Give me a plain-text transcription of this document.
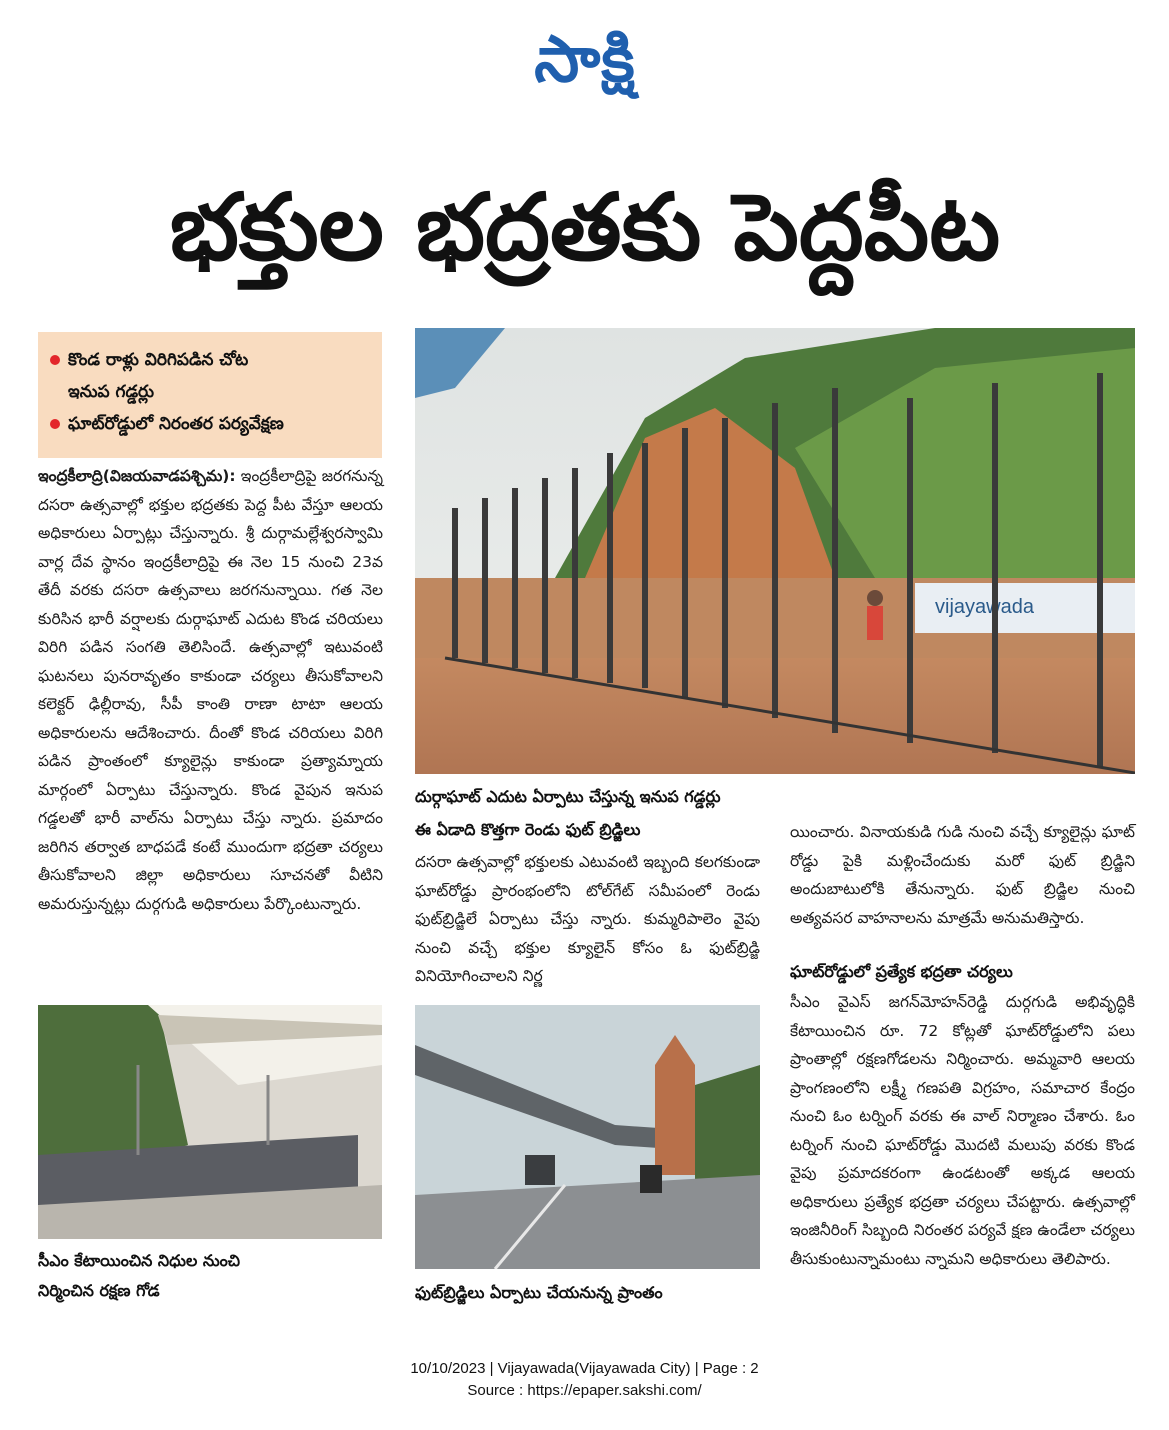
సాక్షి
భక్తుల భద్రతకు పెద్దపీట
కొండ రాళ్లు విరిగిపడిన చోట
ఇనుప గడ్డర్లు
ఘాట్‌రోడ్డులో నిరంతర పర్యవేక్షణ

ఇంద్రకీలాద్రి(విజయవాడపశ్చిమ): ఇంద్రకీలాద్రిపై జరగనున్న దసరా ఉత్సవాల్లో భక్తుల భద్రతకు పెద్ద పీట వేస్తూ ఆలయ అధికారులు ఏర్పాట్లు చేస్తున్నారు. శ్రీ దుర్గామల్లేశ్వరస్వామి వార్ల దేవ స్థానం ఇంద్రకీలాద్రిపై ఈ నెల 15 నుంచి 23వ తేదీ వరకు దసరా ఉత్సవాలు జరగనున్నాయి. గత నెల కురిసిన భారీ వర్షాలకు దుర్గాఘాట్ ఎదుట కొండ చరియలు విరిగి పడిన సంగతి తెలిసిందే. ఉత్సవాల్లో ఇటువంటి ఘటనలు పునరావృతం కాకుండా చర్యలు తీసుకోవాలని కలెక్టర్ ఢిల్లీరావు, సీపీ కాంతి రాణా టాటా ఆలయ అధికారులను ఆదేశించారు. దీంతో కొండ చరియలు విరిగి పడిన ప్రాంతంలో క్యూలైన్లు కాకుండా ప్రత్యామ్నాయ మార్గంలో ఏర్పాటు చేస్తున్నారు. కొండ వైపున ఇనుప గడ్డలతో భారీ వాల్‌ను ఏర్పాటు చేస్తు న్నారు. ప్రమాదం జరిగిన తర్వాత బాధపడే కంటే ముందుగా భద్రతా చర్యలు తీసుకోవాలని జిల్లా అధికారులు సూచనతో వీటిని అమరుస్తున్నట్లు దుర్గగుడి అధికారులు పేర్కొంటున్నారు.

vijayawada
దుర్గాఘాట్ ఎదుట ఏర్పాటు చేస్తున్న ఇనుప గడ్డర్లు
ఈ ఏడాది కొత్తగా రెండు ఫుట్ బ్రిడ్జిలు

దసరా ఉత్సవాల్లో భక్తులకు ఎటువంటి ఇబ్బంది కలగకుండా ఘాట్‌రోడ్డు ప్రారంభంలోని టోల్‌గేట్ సమీపంలో రెండు ఫుట్‌బ్రిడ్జిలే ఏర్పాటు చేస్తు న్నారు. కుమ్మరిపాలెం వైపు నుంచి వచ్చే భక్తుల క్యూలైన్ కోసం ఓ ఫుట్‌బ్రిడ్జి వినియోగించాలని నిర్ణ

యించారు. వినాయకుడి గుడి నుంచి వచ్చే క్యూలైన్లు ఘాట్ రోడ్డు పైకి మళ్లించేందుకు మరో ఫుట్ బ్రిడ్జిని అందుబాటులోకి తేనున్నారు. ఫుట్ బ్రిడ్జిల నుంచి అత్యవసర వాహనాలను మాత్రమే అనుమతిస్తారు.

ఘాట్‌రోడ్డులో ప్రత్యేక భద్రతా చర్యలు

సీఎం వైఎస్ జగన్‌మోహన్‌రెడ్డి దుర్గగుడి అభివృద్ధికి కేటాయించిన రూ. 72 కోట్లతో ఘాట్‌రోడ్డులోని పలు ప్రాంతాల్లో రక్షణగోడలను నిర్మించారు. అమ్మవారి ఆలయ ప్రాంగణంలోని లక్ష్మీ గణపతి విగ్రహం, సమాచార కేంద్రం నుంచి ఓం టర్నింగ్ వరకు ఈ వాల్ నిర్మాణం చేశారు. ఓం టర్నింగ్ నుంచి ఘాట్‌రోడ్డు మొదటి మలుపు వరకు కొండ వైపు ప్రమాదకరంగా ఉండటంతో అక్కడ ఆలయ అధికారులు ప్రత్యేక భద్రతా చర్యలు చేపట్టారు. ఉత్సవాల్లో ఇంజినీరింగ్ సిబ్బంది నిరంతర పర్యవే క్షణ ఉండేలా చర్యలు తీసుకుంటున్నామంటు న్నామని అధికారులు తెలిపారు.

సీఎం కేటాయించిన నిధుల నుంచి
నిర్మించిన రక్షణ గోడ	ఫుట్‌బ్రిడ్జిలు ఏర్పాటు చేయనున్న ప్రాంతం
10/10/2023 | Vijayawada(Vijayawada City) | Page : 2
Source : https://epaper.sakshi.com/
